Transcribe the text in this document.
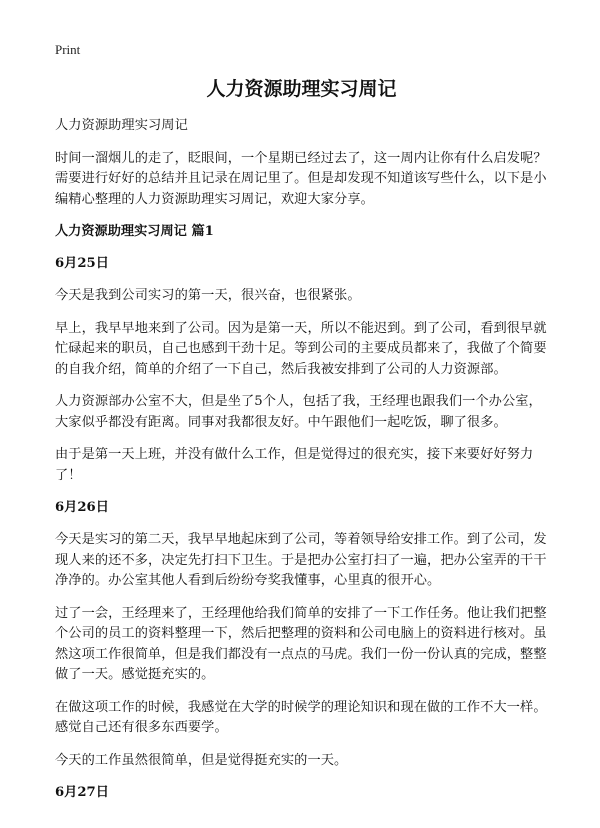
Print
人力资源助理实习周记

人力资源助理实习周记

时间一溜烟儿的走了，眨眼间，一个星期已经过去了，这一周内让你有什么启发呢？需要进行好好的总结并且记录在周记里了。但是却发现不知道该写些什么，以下是小编精心整理的人力资源助理实习周记，欢迎大家分享。

人力资源助理实习周记 篇1
6月25日

今天是我到公司实习的第一天，很兴奋，也很紧张。

早上，我早早地来到了公司。因为是第一天，所以不能迟到。到了公司，看到很早就忙碌起来的职员，自己也感到干劲十足。等到公司的主要成员都来了，我做了个简要的自我介绍，简单的介绍了一下自己，然后我被安排到了公司的人力资源部。

人力资源部办公室不大，但是坐了5个人，包括了我，王经理也跟我们一个办公室，大家似乎都没有距离。同事对我都很友好。中午跟他们一起吃饭，聊了很多。

由于是第一天上班，并没有做什么工作，但是觉得过的很充实，接下来要好好努力了！

6月26日

今天是实习的第二天，我早早地起床到了公司，等着领导给安排工作。到了公司，发现人来的还不多，决定先打扫下卫生。于是把办公室打扫了一遍，把办公室弄的干干净净的。办公室其他人看到后纷纷夸奖我懂事，心里真的很开心。

过了一会，王经理来了，王经理他给我们简单的安排了一下工作任务。他让我们把整个公司的员工的资料整理一下，然后把整理的资料和公司电脑上的资料进行核对。虽然这项工作很简单，但是我们都没有一点点的马虎。我们一份一份认真的完成，整整做了一天。感觉挺充实的。

在做这项工作的时候，我感觉在大学的时候学的理论知识和现在做的工作不大一样。感觉自己还有很多东西要学。

今天的工作虽然很简单，但是觉得挺充实的一天。

6月27日
